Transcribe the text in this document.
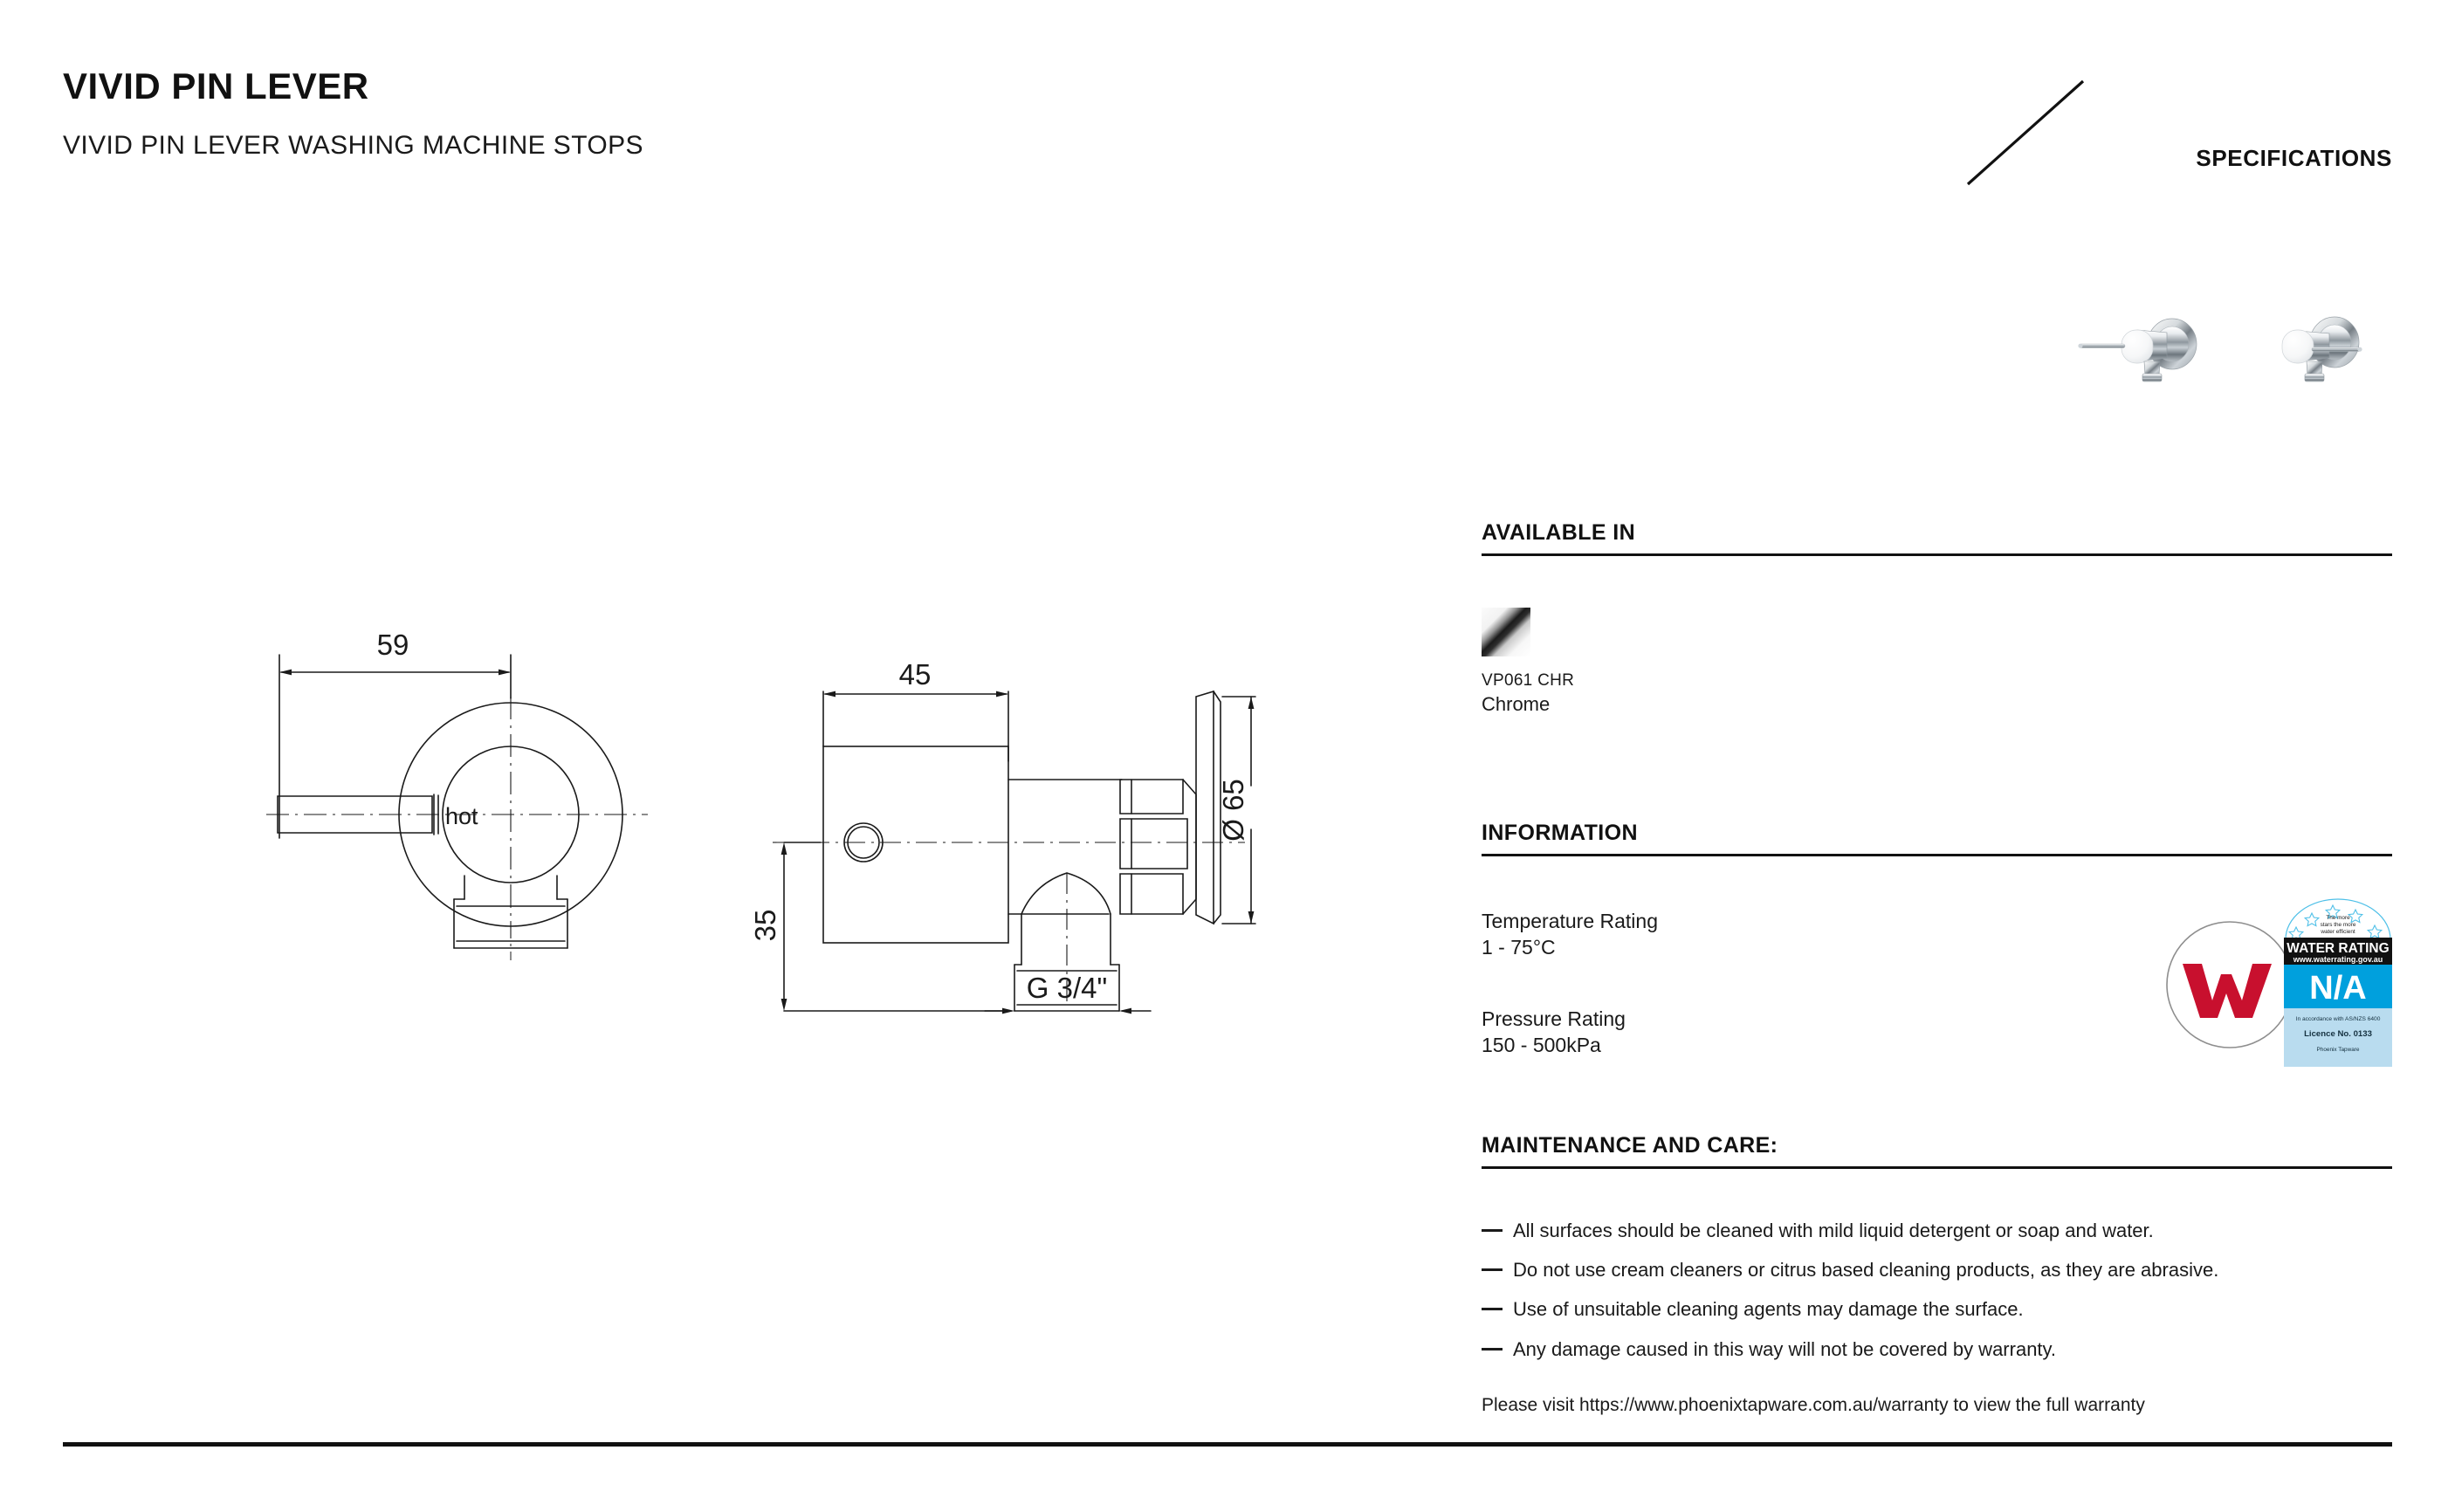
VIVID PIN LEVER
VIVID PIN LEVER WASHING MACHINE STOPS	SPECIFICATIONS
59
hot
45
35
Ø 65
G 3/4"
AVAILABLE IN
VP061 CHR
Chrome
INFORMATION
Temperature Rating
1 - 75°C
Pressure Rating
150 - 500kPa
The more
stars the more
water efficient
WATER RATING
www.waterrating.gov.au
N/A
In accordance with AS/NZS 6400
Licence No. 0133
Phoenix Tapware
MAINTENANCE AND CARE:
All surfaces should be cleaned with mild liquid detergent or soap and water.
Do not use cream cleaners or citrus based cleaning products, as they are abrasive.
Use of unsuitable cleaning agents may damage the surface.
Any damage caused in this way will not be covered by warranty.
Please visit https://www.phoenixtapware.com.au/warranty to view the full warranty
